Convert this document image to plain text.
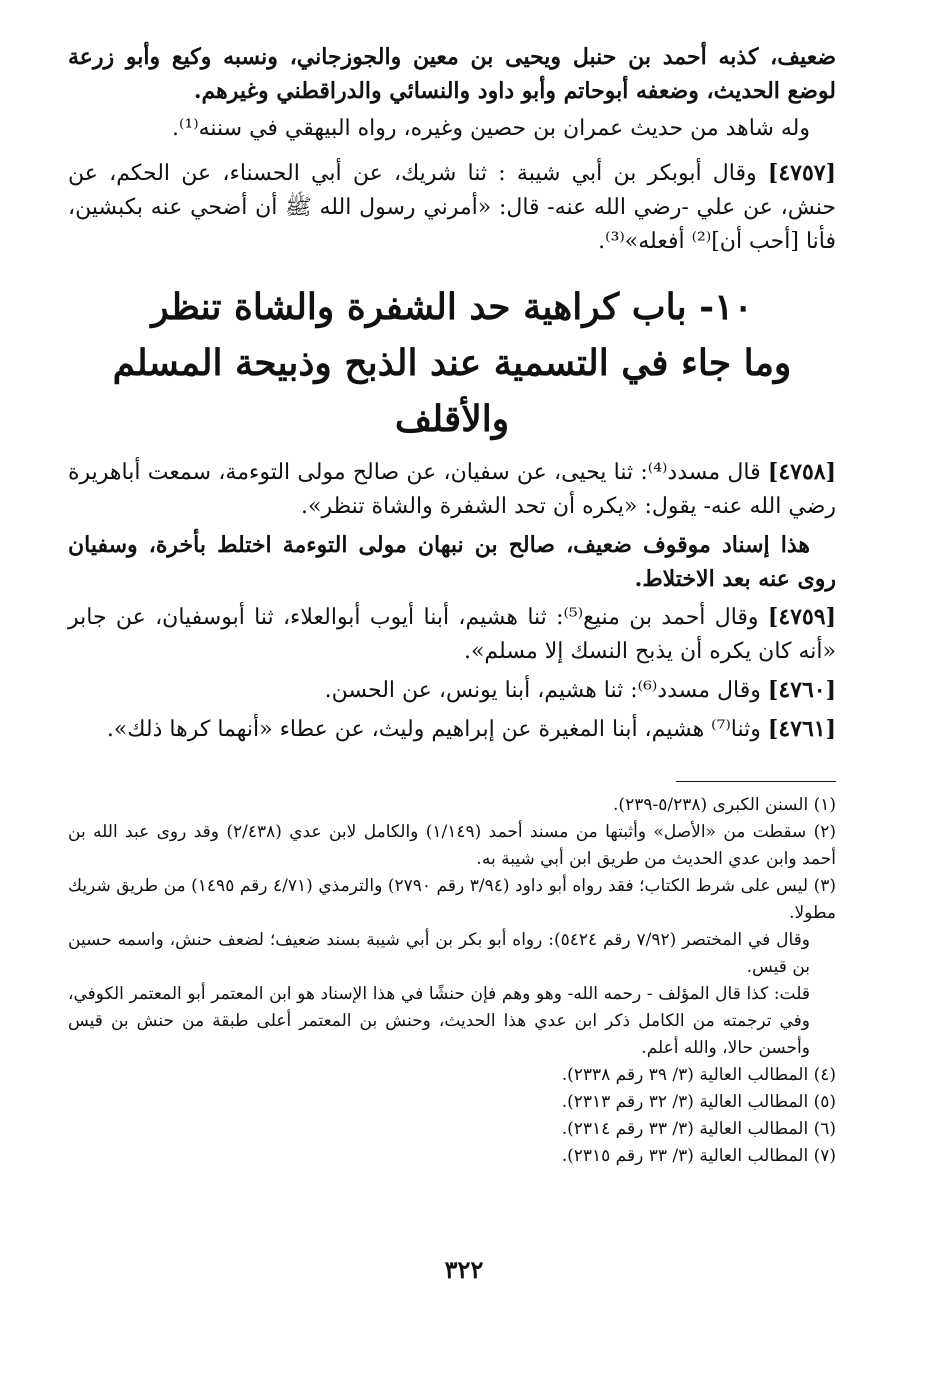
ضعيف، كذبه أحمد بن حنبل ويحيى بن معين والجوزجاني، ونسبه وكيع وأبو زرعة لوضع الحديث، وضعفه أبوحاتم وأبو داود والنسائي والدراقطني وغيرهم.

وله شاهد من حديث عمران بن حصين وغيره، رواه البيهقي في سننه⁽¹⁾.

[٤٧٥٧] وقال أبوبكر بن أبي شيبة : ثنا شريك، عن أبي الحسناء، عن الحكم، عن حنش، عن علي -رضي الله عنه- قال: «أمرني رسول الله ﷺ أن أضحي عنه بكبشين، فأنا [أحب أن]⁽²⁾ أفعله»⁽³⁾.

١٠- باب كراهية حد الشفرة والشاة تنظر
وما جاء في التسمية عند الذبح وذبيحة المسلم والأقلف

[٤٧٥٨] قال مسدد⁽⁴⁾: ثنا يحيى، عن سفيان، عن صالح مولى التوءمة، سمعت أباهريرة رضي الله عنه- يقول: «يكره أن تحد الشفرة والشاة تنظر».

هذا إسناد موقوف ضعيف، صالح بن نبهان مولى التوءمة اختلط بأخرة، وسفيان روى عنه بعد الاختلاط.

[٤٧٥٩] وقال أحمد بن منيع⁽⁵⁾: ثنا هشيم، أبنا أيوب أبوالعلاء، ثنا أبوسفيان، عن جابر «أنه كان يكره أن يذبح النسك إلا مسلم».

[٤٧٦٠] وقال مسدد⁽⁶⁾: ثنا هشيم، أبنا يونس، عن الحسن.

[٤٧٦١] وثنا⁽⁷⁾ هشيم، أبنا المغيرة عن إبراهيم وليث، عن عطاء «أنهما كرها ذلك».

(١) السنن الكبرى (٥/٢٣٨-٢٣٩).

(٢) سقطت من «الأصل» وأثبتها من مسند أحمد (١/١٤٩) والكامل لابن عدي (٢/٤٣٨) وقد روى عبد الله بن أحمد وابن عدي الحديث من طريق ابن أبي شيبة به.

(٣) ليس على شرط الكتاب؛ فقد رواه أبو داود (٣/٩٤ رقم ٢٧٩٠) والترمذي (٤/٧١ رقم ١٤٩٥) من طريق شريك مطولا.
وقال في المختصر (٧/٩٢ رقم ٥٤٢٤): رواه أبو بكر بن أبي شيبة بسند ضعيف؛ لضعف حنش، واسمه حسين بن قيس.
قلت: كذا قال المؤلف - رحمه الله- وهو وهم فإن حنشًا في هذا الإسناد هو ابن المعتمر أبو المعتمر الكوفي، وفي ترجمته من الكامل ذكر ابن عدي هذا الحديث، وحنش بن المعتمر أعلى طبقة من حنش بن قيس وأحسن حالا، والله أعلم.

(٤) المطالب العالية (٣/ ٣٩ رقم ٢٣٣٨).

(٥) المطالب العالية (٣/ ٣٢ رقم ٢٣١٣).

(٦) المطالب العالية (٣/ ٣٣ رقم ٢٣١٤).

(٧) المطالب العالية (٣/ ٣٣ رقم ٢٣١٥).

٣٢٢
